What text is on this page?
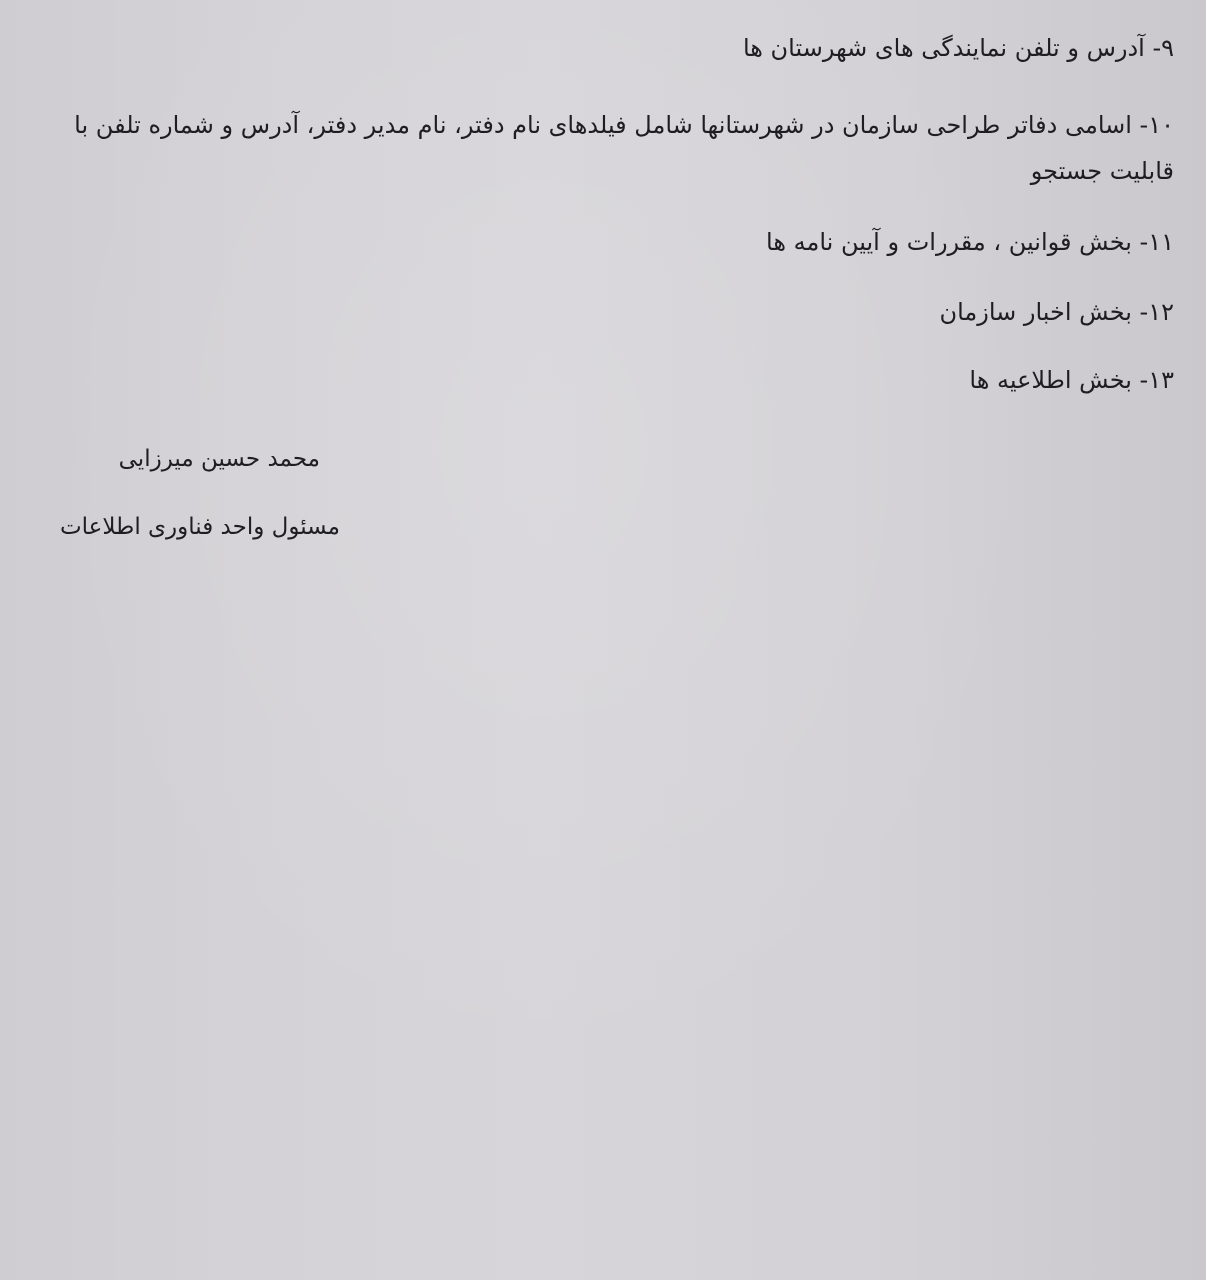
۹- آدرس و تلفن نمایندگی های شهرستان ها
۱۰- اسامی دفاتر طراحی سازمان در شهرستانها شامل فیلدهای نام دفتر، نام مدیر دفتر، آدرس و شماره تلفن با قابلیت جستجو
۱۱- بخش قوانین ، مقررات و آیین نامه ها
۱۲- بخش اخبار سازمان
۱۳- بخش اطلاعیه ها
محمد حسین میرزایی
مسئول واحد فناوری اطلاعات
